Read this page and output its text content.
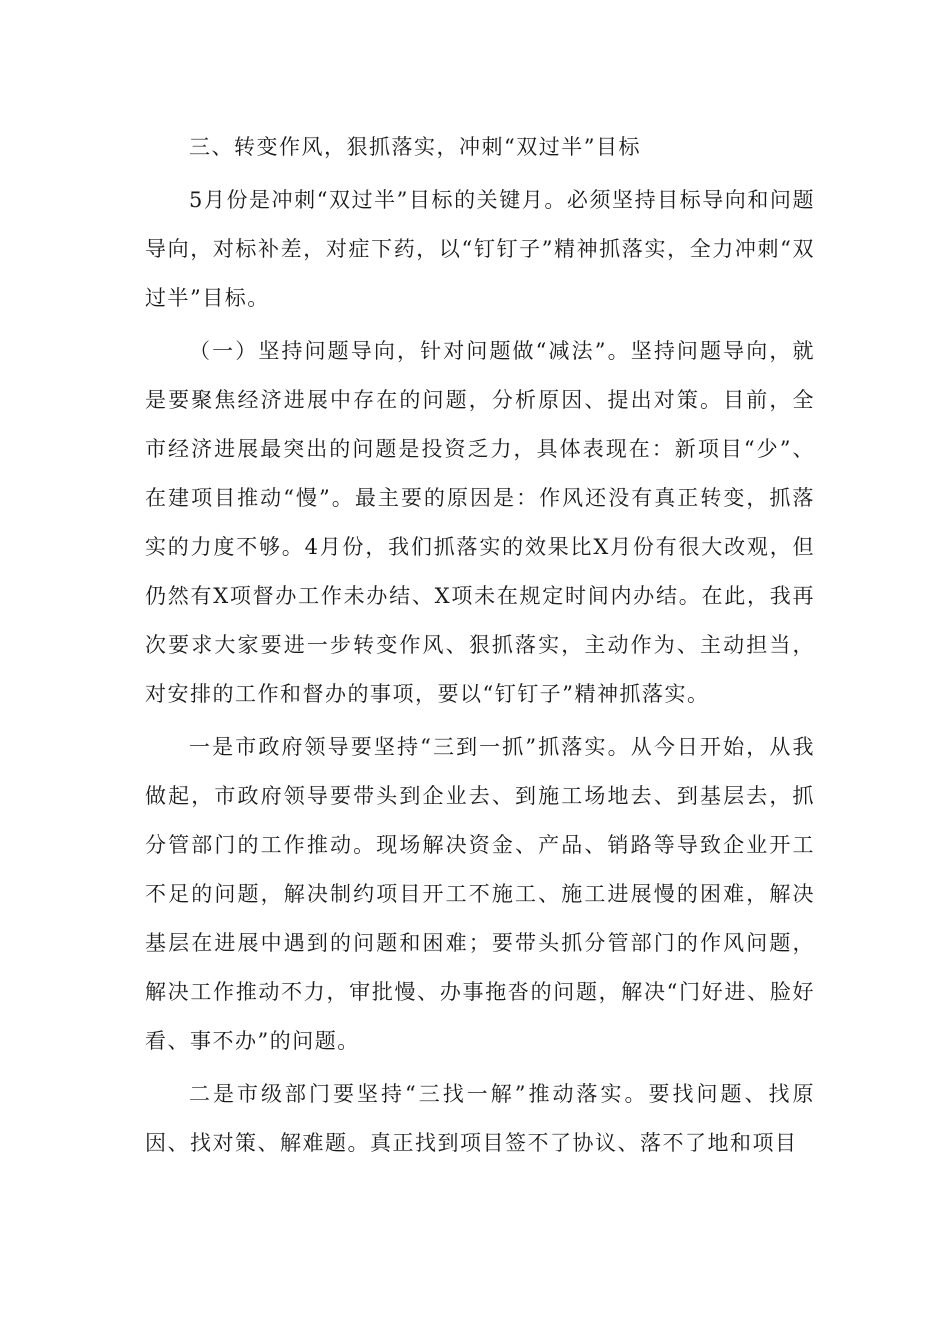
三、转变作风，狠抓落实，冲刺“双过半”目标

5月份是冲刺“双过半”目标的关键月。必须坚持目标导向和问题导向，对标补差，对症下药，以“钉钉子”精神抓落实，全力冲刺“双过半”目标。

（一）坚持问题导向，针对问题做“减法”。坚持问题导向，就是要聚焦经济进展中存在的问题，分析原因、提出对策。目前，全市经济进展最突出的问题是投资乏力，具体表现在：新项目“少”、在建项目推动“慢”。最主要的原因是：作风还没有真正转变，抓落实的力度不够。4月份，我们抓落实的效果比X月份有很大改观，但仍然有X项督办工作未办结、X项未在规定时间内办结。在此，我再次要求大家要进一步转变作风、狠抓落实，主动作为、主动担当，对安排的工作和督办的事项，要以“钉钉子”精神抓落实。

一是市政府领导要坚持“三到一抓”抓落实。从今日开始，从我做起，市政府领导要带头到企业去、到施工场地去、到基层去，抓分管部门的工作推动。现场解决资金、产品、销路等导致企业开工不足的问题，解决制约项目开工不施工、施工进展慢的困难，解决基层在进展中遇到的问题和困难；要带头抓分管部门的作风问题，解决工作推动不力，审批慢、办事拖沓的问题，解决“门好进、脸好看、事不办”的问题。

二是市级部门要坚持“三找一解”推动落实。要找问题、找原因、找对策、解难题。真正找到项目签不了协议、落不了地和项目
